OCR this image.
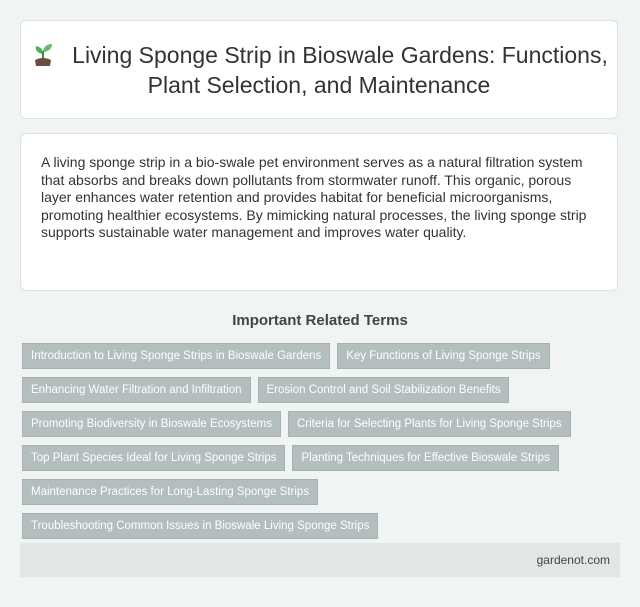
Living Sponge Strip in Bioswale Gardens: Functions, Plant Selection, and Maintenance

A living sponge strip in a bio-swale pet environment serves as a natural filtration system that absorbs and breaks down pollutants from stormwater runoff. This organic, porous layer enhances water retention and provides habitat for beneficial microorganisms, promoting healthier ecosystems. By mimicking natural processes, the living sponge strip supports sustainable water management and improves water quality.

Important Related Terms
Introduction to Living Sponge Strips in Bioswale Gardens	Key Functions of Living Sponge Strips
Enhancing Water Filtration and Infiltration	Erosion Control and Soil Stabilization Benefits
Promoting Biodiversity in Bioswale Ecosystems	Criteria for Selecting Plants for Living Sponge Strips
Top Plant Species Ideal for Living Sponge Strips	Planting Techniques for Effective Bioswale Strips
Maintenance Practices for Long-Lasting Sponge Strips
Troubleshooting Common Issues in Bioswale Living Sponge Strips
gardenot.com
